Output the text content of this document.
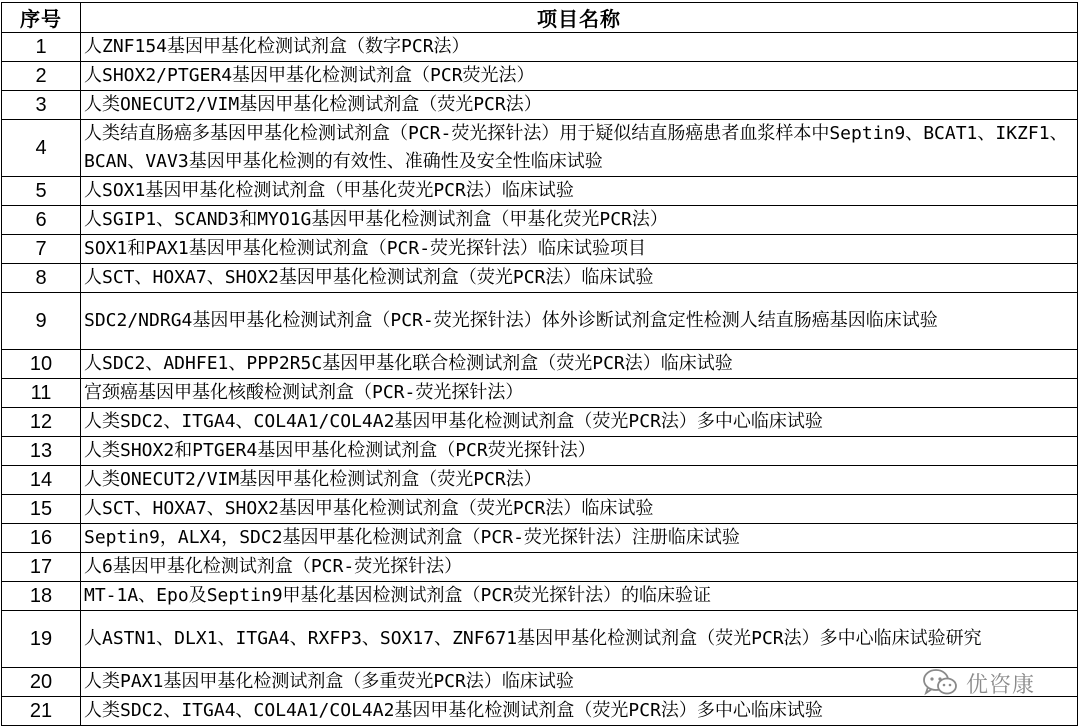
序号	项目名称
1	人ZNF154基因甲基化检测试剂盒（数字PCR法）
2	人SHOX2/PTGER4基因甲基化检测试剂盒（PCR荧光法）
3	人类ONECUT2/VIM基因甲基化检测试剂盒（荧光PCR法）
4	人类结直肠癌多基因甲基化检测试剂盒（PCR-荧光探针法）用于疑似结直肠癌患者血浆样本中Septin9、BCAT1、IKZF1、BCAN、VAV3基因甲基化检测的有效性、准确性及安全性临床试验
5	人SOX1基因甲基化检测试剂盒（甲基化荧光PCR法）临床试验
6	人SGIP1、SCAND3和MYO1G基因甲基化检测试剂盒（甲基化荧光PCR法）
7	SOX1和PAX1基因甲基化检测试剂盒（PCR-荧光探针法）临床试验项目
8	人SCT、HOXA7、SHOX2基因甲基化检测试剂盒（荧光PCR法）临床试验
9	SDC2/NDRG4基因甲基化检测试剂盒（PCR-荧光探针法）体外诊断试剂盒定性检测人结直肠癌基因临床试验
10	人SDC2、ADHFE1、PPP2R5C基因甲基化联合检测试剂盒（荧光PCR法）临床试验
11	宫颈癌基因甲基化核酸检测试剂盒（PCR-荧光探针法）
12	人类SDC2、ITGA4、COL4A1/COL4A2基因甲基化检测试剂盒（荧光PCR法）多中心临床试验
13	人类SHOX2和PTGER4基因甲基化检测试剂盒（PCR荧光探针法）
14	人类ONECUT2/VIM基因甲基化检测试剂盒（荧光PCR法）
15	人SCT、HOXA7、SHOX2基因甲基化检测试剂盒（荧光PCR法）临床试验
16	Septin9，ALX4，SDC2基因甲基化检测试剂盒（PCR-荧光探针法）注册临床试验
17	人6基因甲基化检测试剂盒（PCR-荧光探针法）
18	MT-1A、Epo及Septin9甲基化基因检测试剂盒（PCR荧光探针法）的临床验证
19	人ASTN1、DLX1、ITGA4、RXFP3、SOX17、ZNF671基因甲基化检测试剂盒（荧光PCR法）多中心临床试验研究
20	人类PAX1基因甲基化检测试剂盒（多重荧光PCR法）临床试验
21	人类SDC2、ITGA4、COL4A1/COL4A2基因甲基化检测试剂盒（荧光PCR法）多中心临床试验
优咨康
